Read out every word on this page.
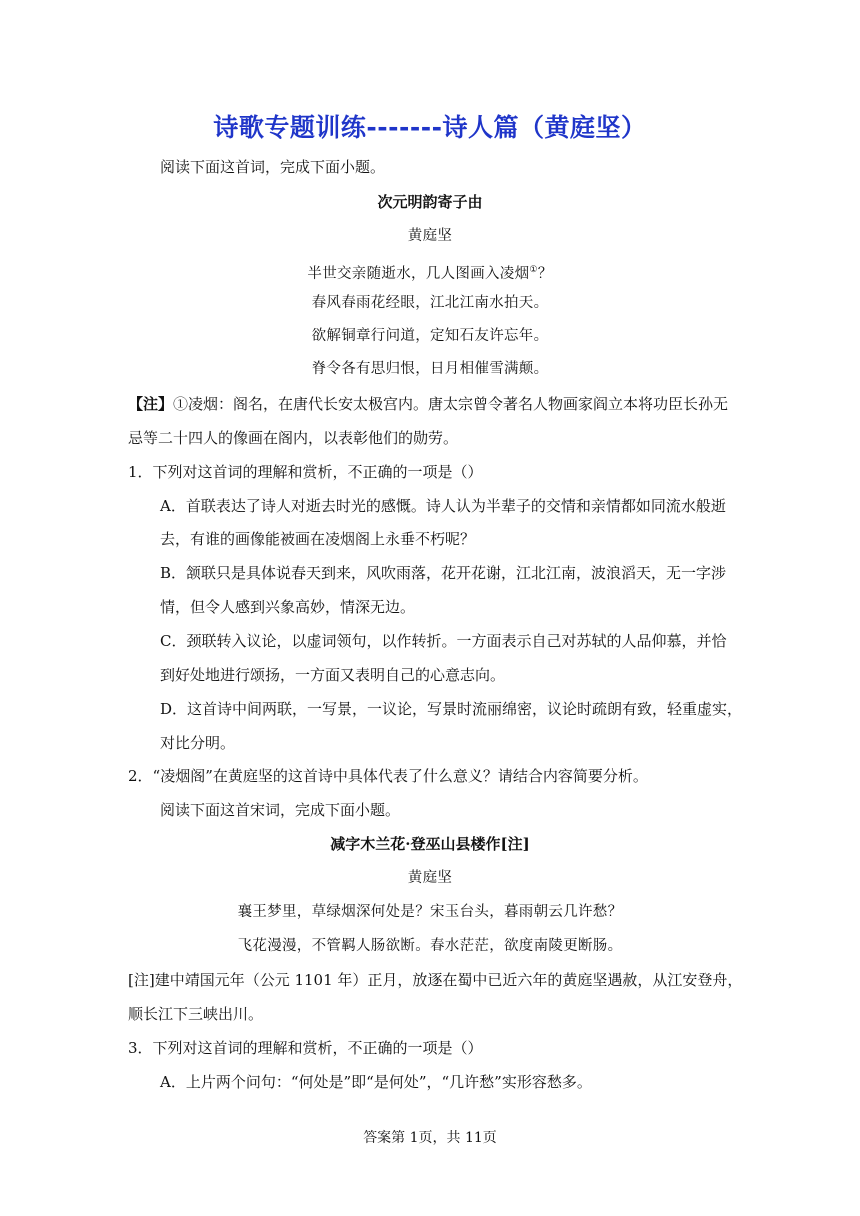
诗歌专题训练-------诗人篇（黄庭坚）
阅读下面这首词，完成下面小题。
次元明韵寄子由
黄庭坚
半世交亲随逝水，几人图画入凌烟①？
春风春雨花经眼，江北江南水拍天。
欲解铜章行问道，定知石友许忘年。
脊令各有思归恨，日月相催雪满颠。
【注】①凌烟：阁名，在唐代长安太极宫内。唐太宗曾令著名人物画家阎立本将功臣长孙无
忌等二十四人的像画在阁内，以表彰他们的勋劳。
1．下列对这首词的理解和赏析，不正确的一项是（）
A．首联表达了诗人对逝去时光的感慨。诗人认为半辈子的交情和亲情都如同流水般逝
去，有谁的画像能被画在凌烟阁上永垂不朽呢？
B．颔联只是具体说春天到来，风吹雨落，花开花谢，江北江南，波浪滔天，无一字涉
情，但令人感到兴象高妙，情深无边。
C．颈联转入议论，以虚词领句，以作转折。一方面表示自己对苏轼的人品仰慕，并恰
到好处地进行颂扬，一方面又表明自己的心意志向。
D．这首诗中间两联，一写景，一议论，写景时流丽绵密，议论时疏朗有致，轻重虚实，
对比分明。
2．“凌烟阁”在黄庭坚的这首诗中具体代表了什么意义？请结合内容简要分析。
阅读下面这首宋词，完成下面小题。
减字木兰花·登巫山县楼作[注]
黄庭坚
襄王梦里，草绿烟深何处是？宋玉台头，暮雨朝云几许愁？
飞花漫漫，不管羁人肠欲断。春水茫茫，欲度南陵更断肠。
[注]建中靖国元年（公元 1101 年）正月，放逐在蜀中已近六年的黄庭坚遇赦，从江安登舟，
顺长江下三峡出川。
3．下列对这首词的理解和赏析，不正确的一项是（）
A．上片两个问句：“何处是”即“是何处”，“几许愁”实形容愁多。
答案第 1页，共 11页
